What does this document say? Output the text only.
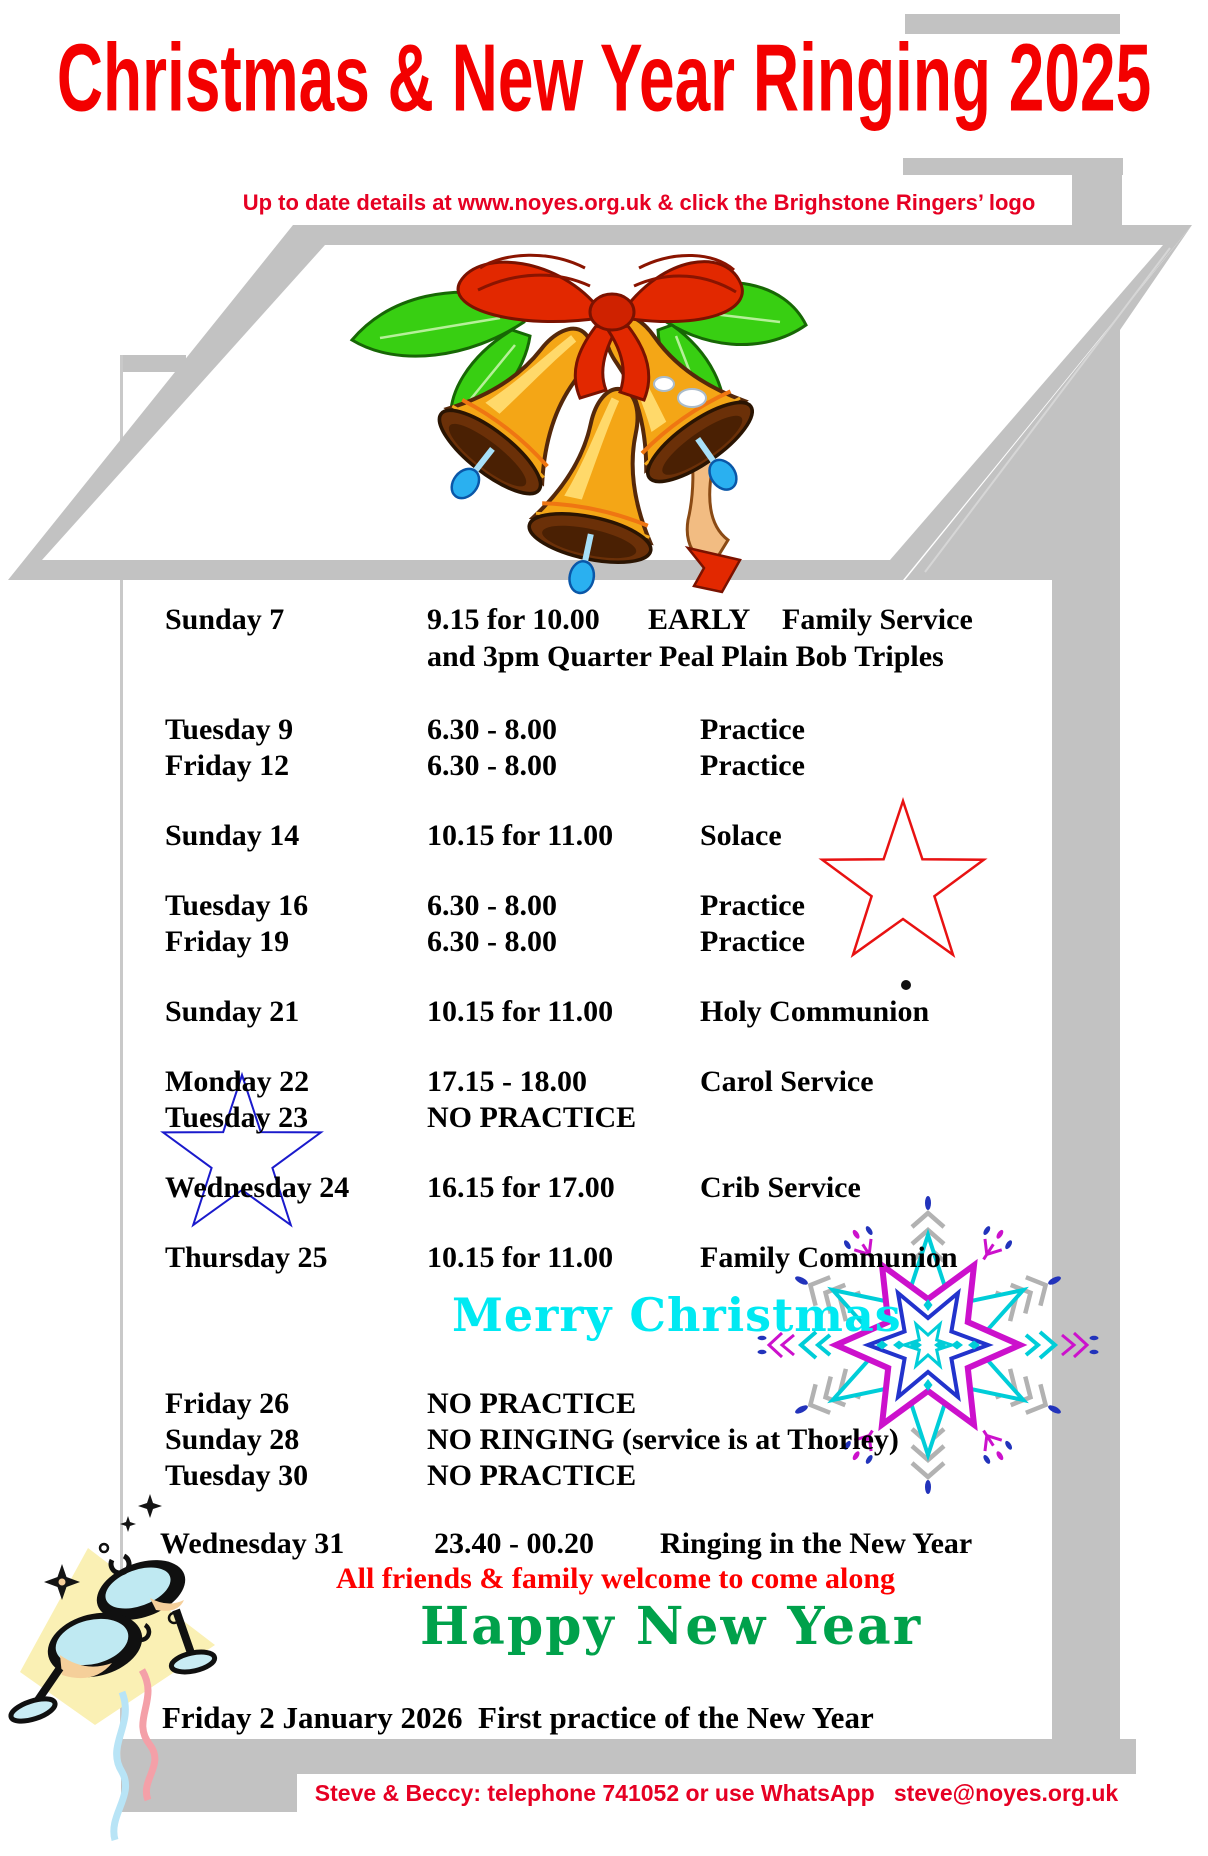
Christmas & New Year Ringing 2025
Up to date details at www.noyes.org.uk & click the Brighstone Ringers’ logo
Sunday 7	9.15 for 10.00 EARLY Family Service
and 3pm Quarter Peal Plain Bob Triples
Tuesday 9	6.30 - 8.00	Practice
Friday 12	6.30 - 8.00	Practice
Sunday 14	10.15 for 11.00	Solace
Tuesday 16	6.30 - 8.00	Practice
Friday 19	6.30 - 8.00	Practice
Sunday 21	10.15 for 11.00	Holy Communion
Monday 22	17.15 - 18.00	Carol Service
Tuesday 23	NO PRACTICE
Wednesday 24	16.15 for 17.00	Crib Service
Thursday 25	10.15 for 11.00	Family Communion
Friday 26	NO PRACTICE
Sunday 28	NO RINGING (service is at Thorley)
Tuesday 30	NO PRACTICE
Wednesday 31	23.40 - 00.20 Ringing in the New Year
Merry Christmas
All friends & family welcome to come along
Happy New Year
Friday 2 January 2026  First practice of the New Year
Steve & Beccy: telephone 741052 or use WhatsApp   steve@noyes.org.uk
